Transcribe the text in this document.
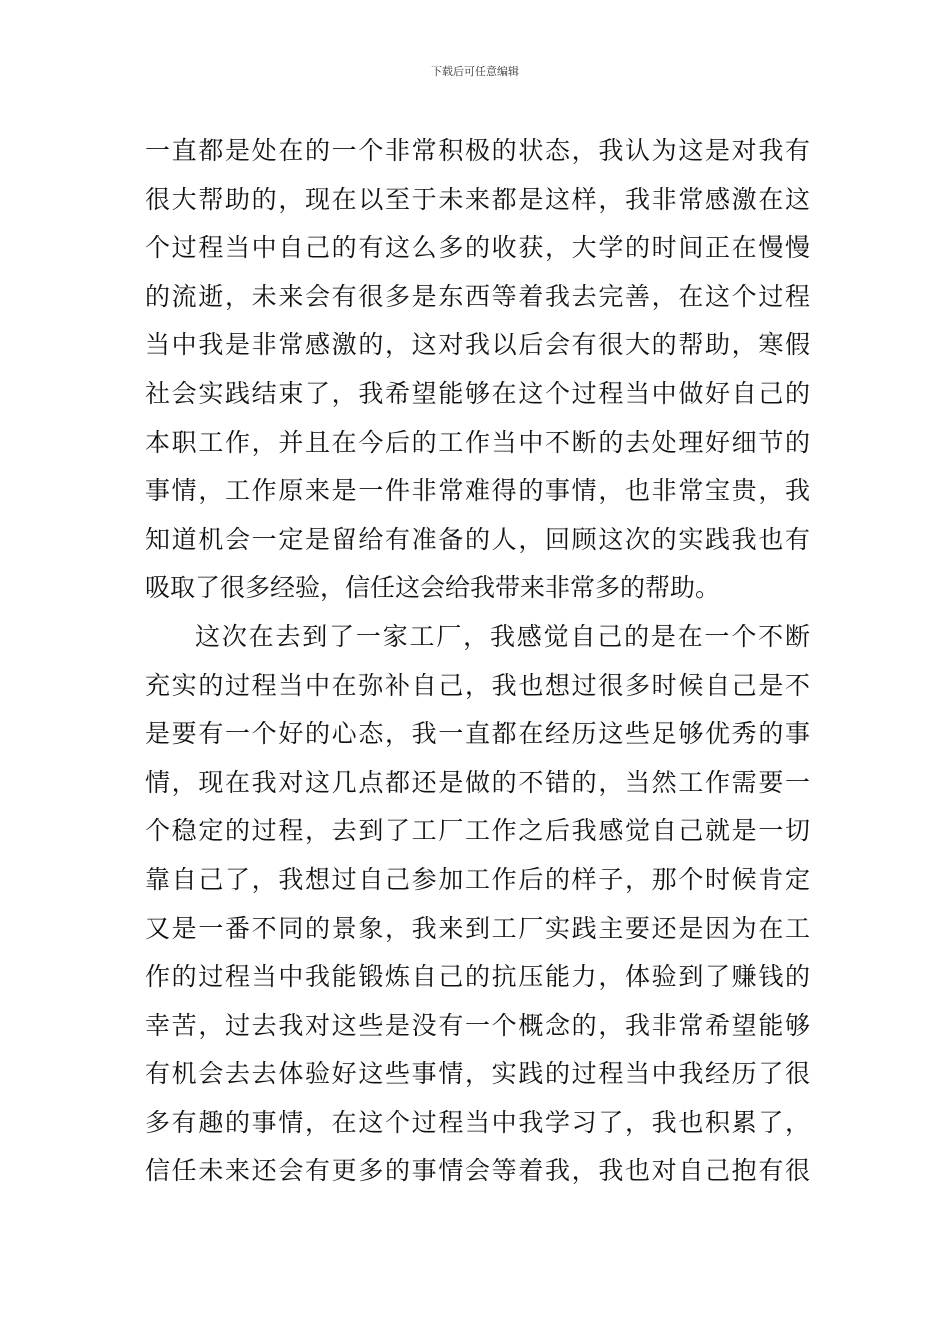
下载后可任意编辑
一直都是处在的一个非常积极的状态，我认为这是对我有
很大帮助的，现在以至于未来都是这样，我非常感激在这
个过程当中自己的有这么多的收获，大学的时间正在慢慢
的流逝，未来会有很多是东西等着我去完善，在这个过程
当中我是非常感激的，这对我以后会有很大的帮助，寒假
社会实践结束了，我希望能够在这个过程当中做好自己的
本职工作，并且在今后的工作当中不断的去处理好细节的
事情，工作原来是一件非常难得的事情，也非常宝贵，我
知道机会一定是留给有准备的人，回顾这次的实践我也有
吸取了很多经验，信任这会给我带来非常多的帮助。
这次在去到了一家工厂，我感觉自己的是在一个不断
充实的过程当中在弥补自己，我也想过很多时候自己是不
是要有一个好的心态，我一直都在经历这些足够优秀的事
情，现在我对这几点都还是做的不错的，当然工作需要一
个稳定的过程，去到了工厂工作之后我感觉自己就是一切
靠自己了，我想过自己参加工作后的样子，那个时候肯定
又是一番不同的景象，我来到工厂实践主要还是因为在工
作的过程当中我能锻炼自己的抗压能力，体验到了赚钱的
幸苦，过去我对这些是没有一个概念的，我非常希望能够
有机会去去体验好这些事情，实践的过程当中我经历了很
多有趣的事情，在这个过程当中我学习了，我也积累了，
信任未来还会有更多的事情会等着我，我也对自己抱有很
